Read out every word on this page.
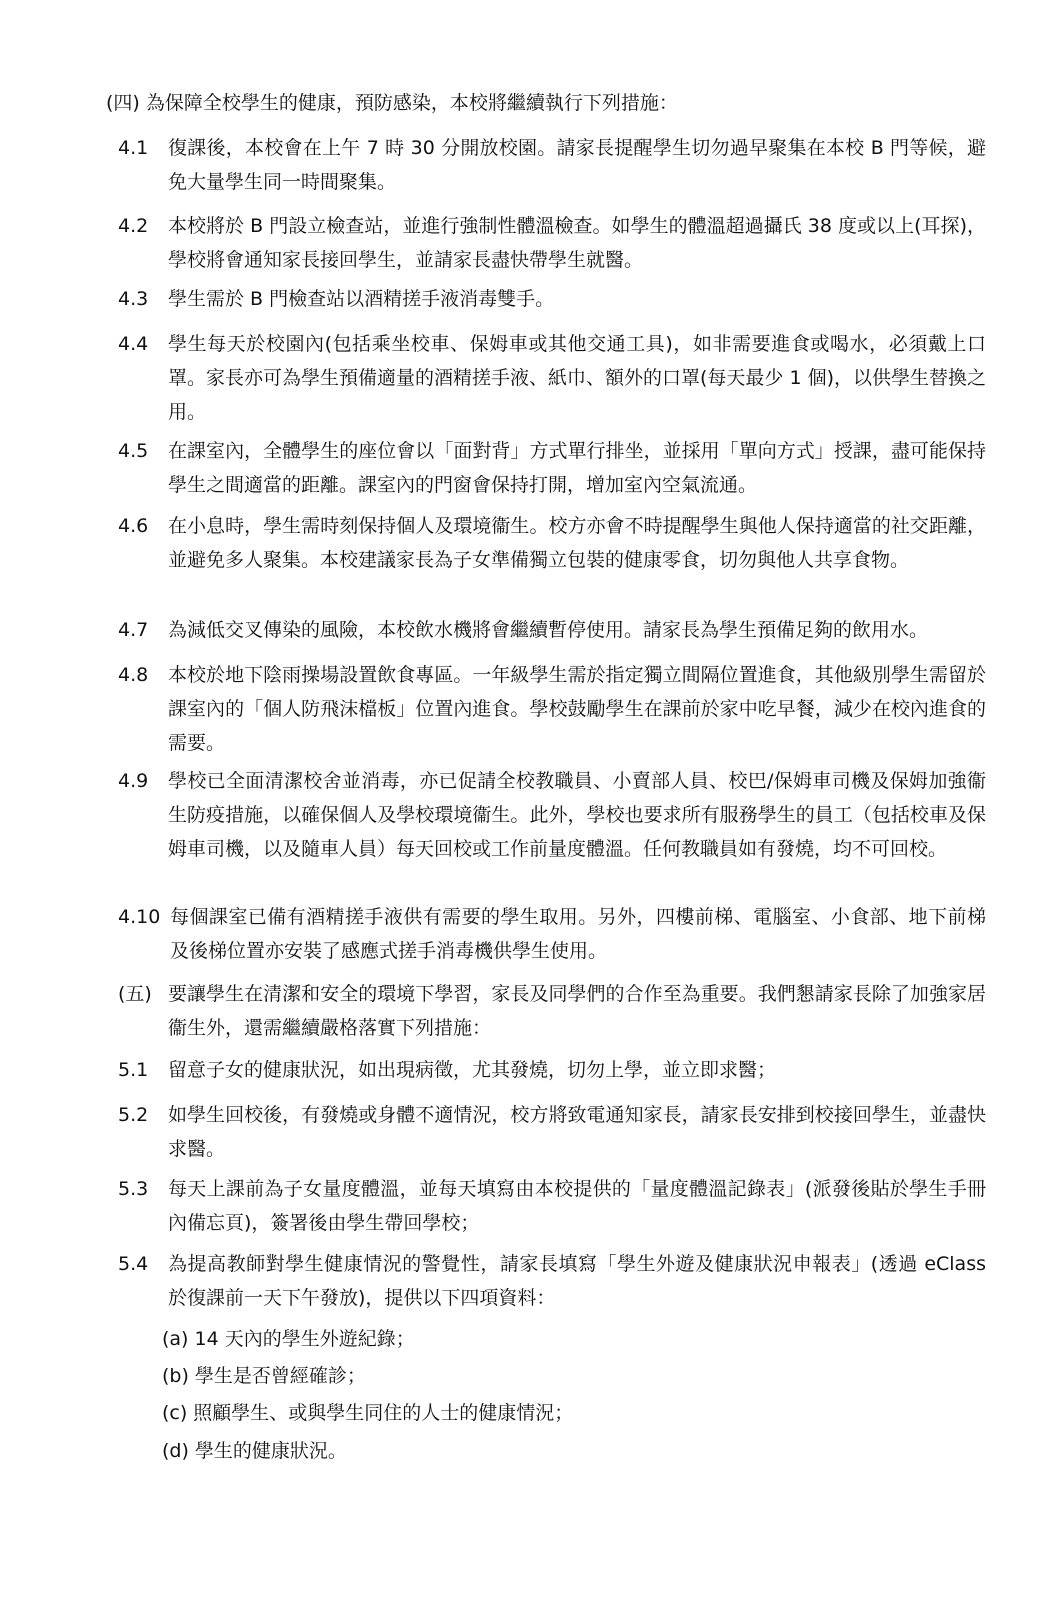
(四) 為保障全校學生的健康，預防感染，本校將繼續執行下列措施：
4.1 復課後，本校會在上午 7 時 30 分開放校園。請家長提醒學生切勿過早聚集在本校 B 門等候，避免大量學生同一時間聚集。
4.2 本校將於 B 門設立檢查站，並進行強制性體溫檢查。如學生的體溫超過攝氏 38 度或以上(耳探)，學校將會通知家長接回學生，並請家長盡快帶學生就醫。
4.3 學生需於 B 門檢查站以酒精搓手液消毒雙手。
4.4 學生每天於校園內(包括乘坐校車、保姆車或其他交通工具)，如非需要進食或喝水，必須戴上口罩。家長亦可為學生預備適量的酒精搓手液、紙巾、額外的口罩(每天最少 1 個)，以供學生替換之用。
4.5 在課室內，全體學生的座位會以「面對背」方式單行排坐，並採用「單向方式」授課，盡可能保持學生之間適當的距離。課室內的門窗會保持打開，增加室內空氣流通。
4.6 在小息時，學生需時刻保持個人及環境衞生。校方亦會不時提醒學生與他人保持適當的社交距離，並避免多人聚集。本校建議家長為子女準備獨立包裝的健康零食，切勿與他人共享食物。
4.7 為減低交叉傳染的風險，本校飲水機將會繼續暫停使用。請家長為學生預備足夠的飲用水。
4.8 本校於地下陰雨操場設置飲食專區。一年級學生需於指定獨立間隔位置進食，其他級別學生需留於課室內的「個人防飛沫檔板」位置內進食。學校鼓勵學生在課前於家中吃早餐，減少在校內進食的需要。
4.9 學校已全面清潔校舍並消毒，亦已促請全校教職員、小賣部人員、校巴/保姆車司機及保姆加強衞生防疫措施，以確保個人及學校環境衞生。此外，學校也要求所有服務學生的員工（包括校車及保姆車司機，以及隨車人員）每天回校或工作前量度體溫。任何教職員如有發燒，均不可回校。
4.10 每個課室已備有酒精搓手液供有需要的學生取用。另外，四樓前梯、電腦室、小食部、地下前梯及後梯位置亦安裝了感應式搓手消毒機供學生使用。
(五) 要讓學生在清潔和安全的環境下學習，家長及同學們的合作至為重要。我們懇請家長除了加強家居衞生外，還需繼續嚴格落實下列措施：
5.1 留意子女的健康狀況，如出現病徵，尤其發燒，切勿上學，並立即求醫；
5.2 如學生回校後，有發燒或身體不適情況，校方將致電通知家長，請家長安排到校接回學生，並盡快求醫。
5.3 每天上課前為子女量度體溫，並每天填寫由本校提供的「量度體溫記錄表」(派發後貼於學生手冊內備忘頁)，簽署後由學生帶回學校；
5.4 為提高教師對學生健康情況的警覺性，請家長填寫「學生外遊及健康狀況申報表」(透過 eClass 於復課前一天下午發放)，提供以下四項資料：
(a) 14 天內的學生外遊紀錄；
(b) 學生是否曾經確診；
(c) 照顧學生、或與學生同住的人士的健康情況；
(d) 學生的健康狀況。
